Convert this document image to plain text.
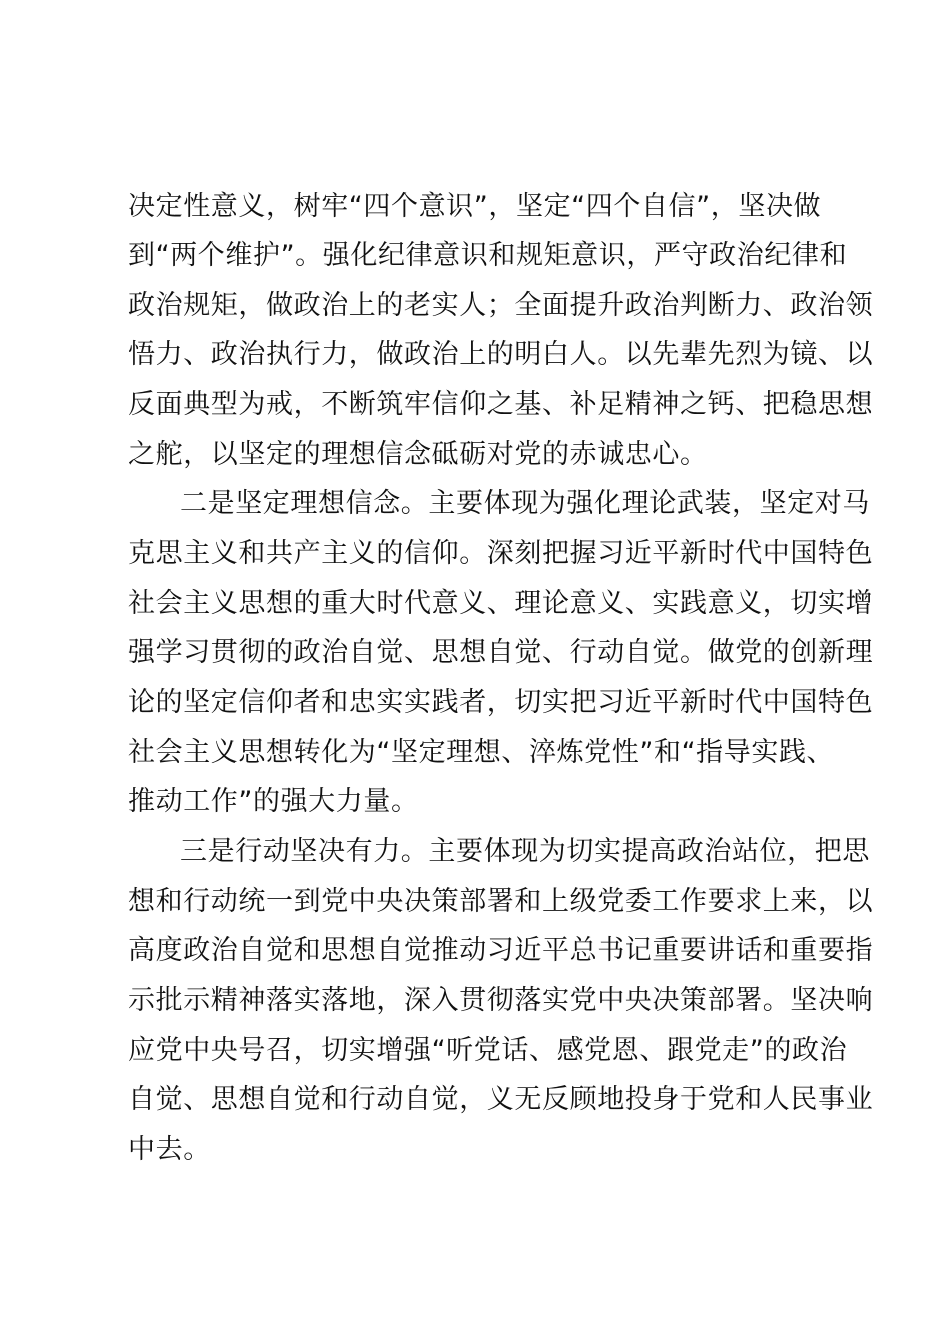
决定性意义，树牢“四个意识”，坚定“四个自信”，坚决做
到“两个维护”。强化纪律意识和规矩意识，严守政治纪律和
政治规矩，做政治上的老实人；全面提升政治判断力、政治领
悟力、政治执行力，做政治上的明白人。以先辈先烈为镜、以
反面典型为戒，不断筑牢信仰之基、补足精神之钙、把稳思想
之舵，以坚定的理想信念砥砺对党的赤诚忠心。
二是坚定理想信念。主要体现为强化理论武装，坚定对马
克思主义和共产主义的信仰。深刻把握习近平新时代中国特色
社会主义思想的重大时代意义、理论意义、实践意义，切实增
强学习贯彻的政治自觉、思想自觉、行动自觉。做党的创新理
论的坚定信仰者和忠实实践者，切实把习近平新时代中国特色
社会主义思想转化为“坚定理想、淬炼党性”和“指导实践、
推动工作”的强大力量。
三是行动坚决有力。主要体现为切实提高政治站位，把思
想和行动统一到党中央决策部署和上级党委工作要求上来，以
高度政治自觉和思想自觉推动习近平总书记重要讲话和重要指
示批示精神落实落地，深入贯彻落实党中央决策部署。坚决响
应党中央号召，切实增强“听党话、感党恩、跟党走”的政治
自觉、思想自觉和行动自觉，义无反顾地投身于党和人民事业
中去。
